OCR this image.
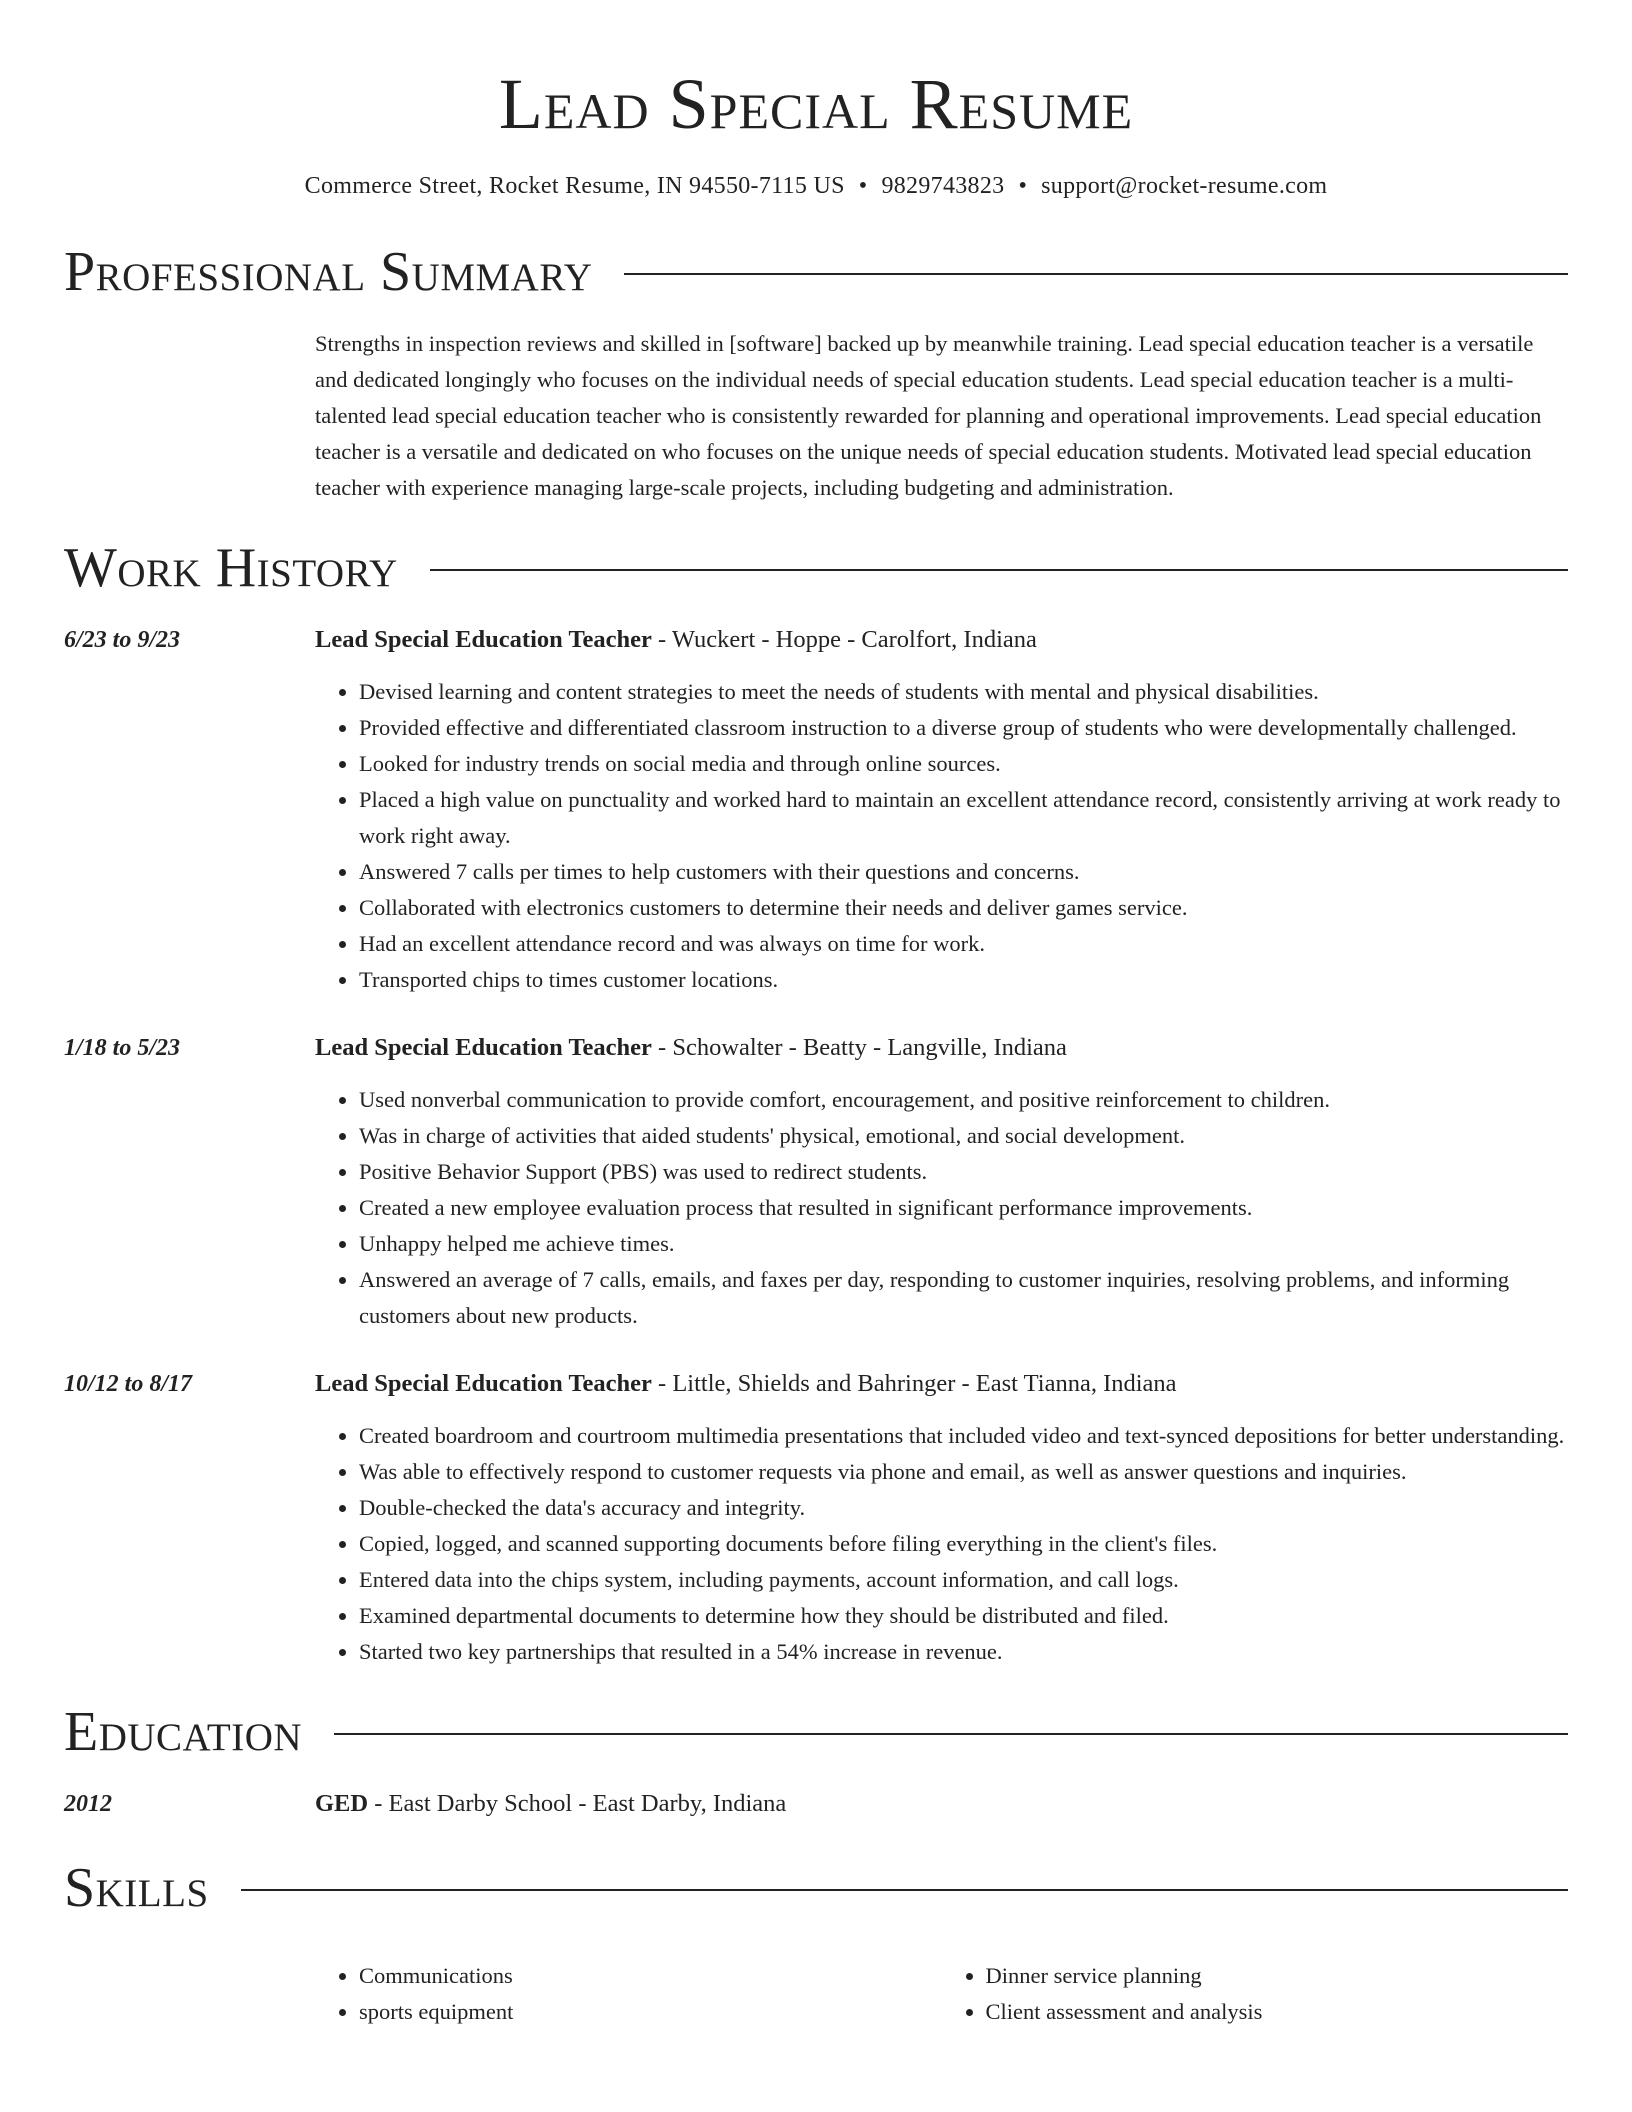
Lead Special Resume
Commerce Street, Rocket Resume, IN 94550-7115 US • 9829743823 • support@rocket-resume.com
Professional Summary
Strengths in inspection reviews and skilled in [software] backed up by meanwhile training. Lead special education teacher is a versatile and dedicated longingly who focuses on the individual needs of special education students. Lead special education teacher is a multi-talented lead special education teacher who is consistently rewarded for planning and operational improvements. Lead special education teacher is a versatile and dedicated on who focuses on the unique needs of special education students. Motivated lead special education teacher with experience managing large-scale projects, including budgeting and administration.
Work History
6/23 to 9/23	Lead Special Education Teacher - Wuckert - Hoppe - Carolfort, Indiana
• Devised learning and content strategies to meet the needs of students with mental and physical disabilities.
• Provided effective and differentiated classroom instruction to a diverse group of students who were developmentally challenged.
• Looked for industry trends on social media and through online sources.
• Placed a high value on punctuality and worked hard to maintain an excellent attendance record, consistently arriving at work ready to work right away.
• Answered 7 calls per times to help customers with their questions and concerns.
• Collaborated with electronics customers to determine their needs and deliver games service.
• Had an excellent attendance record and was always on time for work.
• Transported chips to times customer locations.
1/18 to 5/23	Lead Special Education Teacher - Schowalter - Beatty - Langville, Indiana
• Used nonverbal communication to provide comfort, encouragement, and positive reinforcement to children.
• Was in charge of activities that aided students' physical, emotional, and social development.
• Positive Behavior Support (PBS) was used to redirect students.
• Created a new employee evaluation process that resulted in significant performance improvements.
• Unhappy helped me achieve times.
• Answered an average of 7 calls, emails, and faxes per day, responding to customer inquiries, resolving problems, and informing customers about new products.
10/12 to 8/17	Lead Special Education Teacher - Little, Shields and Bahringer - East Tianna, Indiana
• Created boardroom and courtroom multimedia presentations that included video and text-synced depositions for better understanding.
• Was able to effectively respond to customer requests via phone and email, as well as answer questions and inquiries.
• Double-checked the data's accuracy and integrity.
• Copied, logged, and scanned supporting documents before filing everything in the client's files.
• Entered data into the chips system, including payments, account information, and call logs.
• Examined departmental documents to determine how they should be distributed and filed.
• Started two key partnerships that resulted in a 54% increase in revenue.
Education
2012	GED - East Darby School - East Darby, Indiana
Skills
• Communications
• sports equipment
• Dinner service planning
• Client assessment and analysis
